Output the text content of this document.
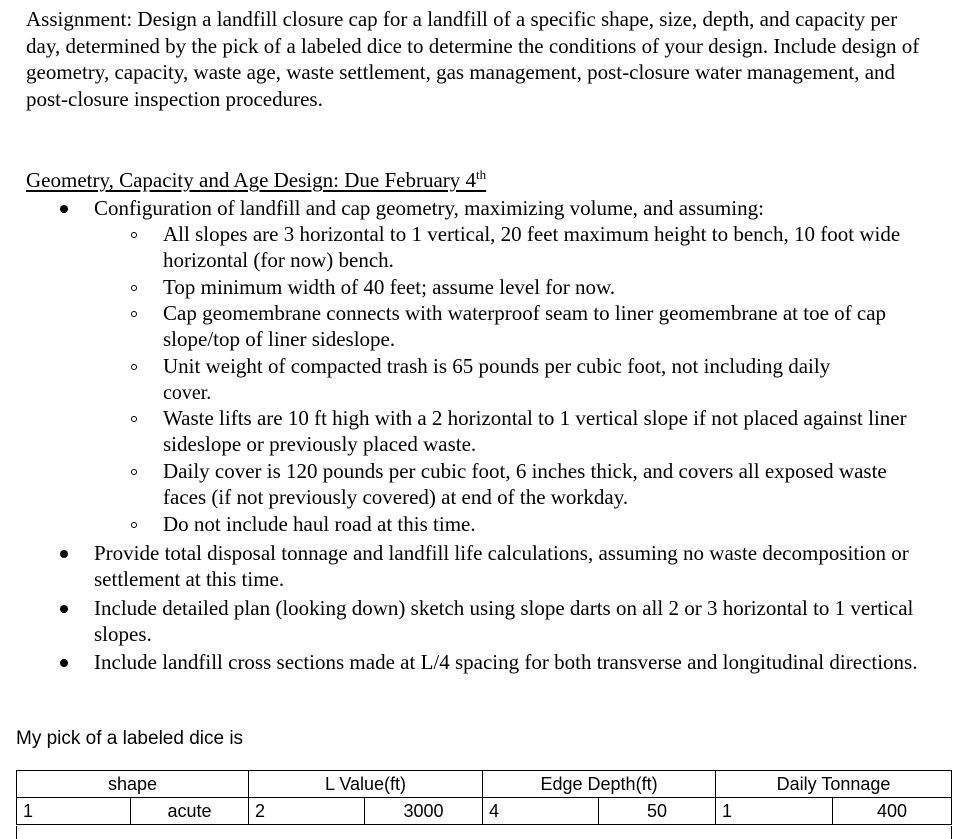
Assignment: Design a landfill closure cap for a landfill of a specific shape, size, depth, and capacity per day, determined by the pick of a labeled dice to determine the conditions of your design. Include design of geometry, capacity, waste age, waste settlement, gas management, post-closure water management, and post-closure inspection procedures.
Geometry, Capacity and Age Design: Due February 4th
Configuration of landfill and cap geometry, maximizing volume, and assuming:
All slopes are 3 horizontal to 1 vertical, 20 feet maximum height to bench, 10 foot wide horizontal (for now) bench.
Top minimum width of 40 feet; assume level for now.
Cap geomembrane connects with waterproof seam to liner geomembrane at toe of cap slope/top of liner sideslope.
Unit weight of compacted trash is 65 pounds per cubic foot, not including daily
cover.
Waste lifts are 10 ft high with a 2 horizontal to 1 vertical slope if not placed against liner sideslope or previously placed waste.
Daily cover is 120 pounds per cubic foot, 6 inches thick, and covers all exposed waste faces (if not previously covered) at end of the workday.
Do not include haul road at this time.
Provide total disposal tonnage and landfill life calculations, assuming no waste decomposition or settlement at this time.
Include detailed plan (looking down) sketch using slope darts on all 2 or 3 horizontal to 1 vertical slopes.
Include landfill cross sections made at L/4 spacing for both transverse and longitudinal directions.
My pick of a labeled dice is
shape		L Value(ft)		Edge Depth(ft)		Daily Tonnage	
1	acute	2	3000	4	50	1	400
